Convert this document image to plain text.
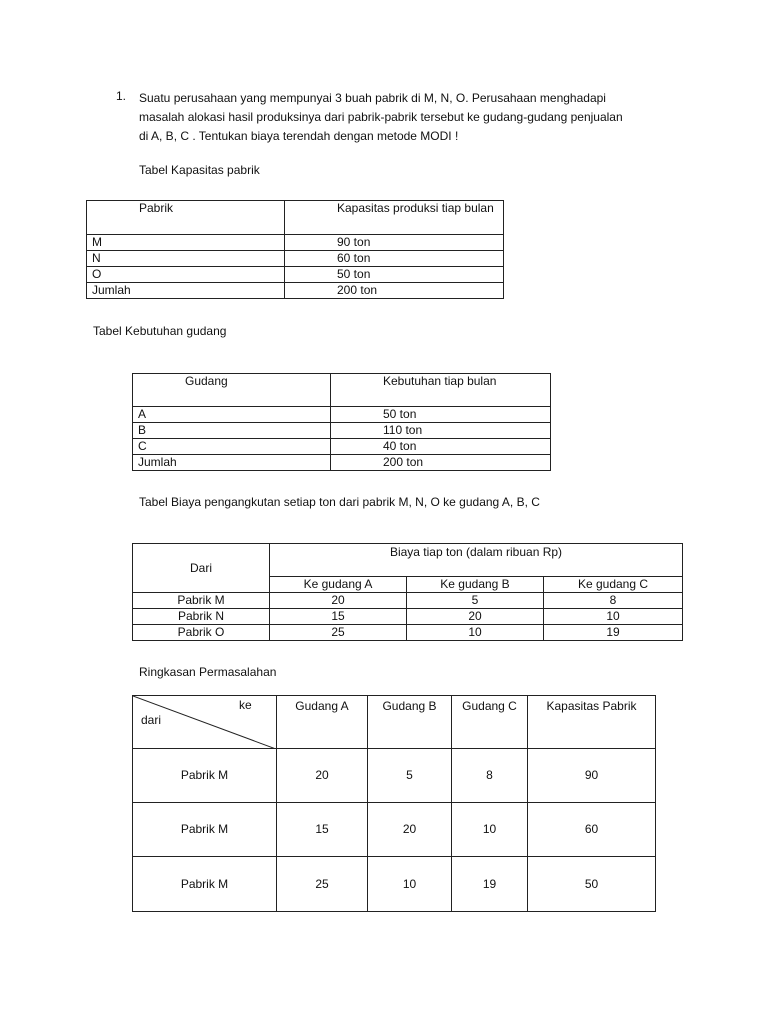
1. Suatu perusahaan yang mempunyai 3 buah pabrik di M, N, O. Perusahaan menghadapi
masalah alokasi hasil produksinya dari pabrik-pabrik tersebut ke gudang-gudang penjualan
di A, B, C . Tentukan biaya terendah dengan metode MODI !
Tabel Kapasitas pabrik
Pabrik	Kapasitas produksi tiap bulan
M	90 ton
N	60 ton
O	50 ton
Jumlah	200 ton
Tabel Kebutuhan gudang
Gudang	Kebutuhan tiap bulan
A	50 ton
B	110 ton
C	40 ton
Jumlah	200 ton
Tabel Biaya pengangkutan setiap ton dari pabrik M, N, O ke gudang A, B, C
Dari	Biaya tiap ton (dalam ribuan Rp)		
	Ke gudang A	Ke gudang B	Ke gudang C
Pabrik M	20	5	8
Pabrik N	15	20	10
Pabrik O	25	10	19
Ringkasan Permasalahan
ke
dari	Gudang A	Gudang B	Gudang C	Kapasitas Pabrik
Pabrik M	20	5	8	90
Pabrik M	15	20	10	60
Pabrik M	25	10	19	50
